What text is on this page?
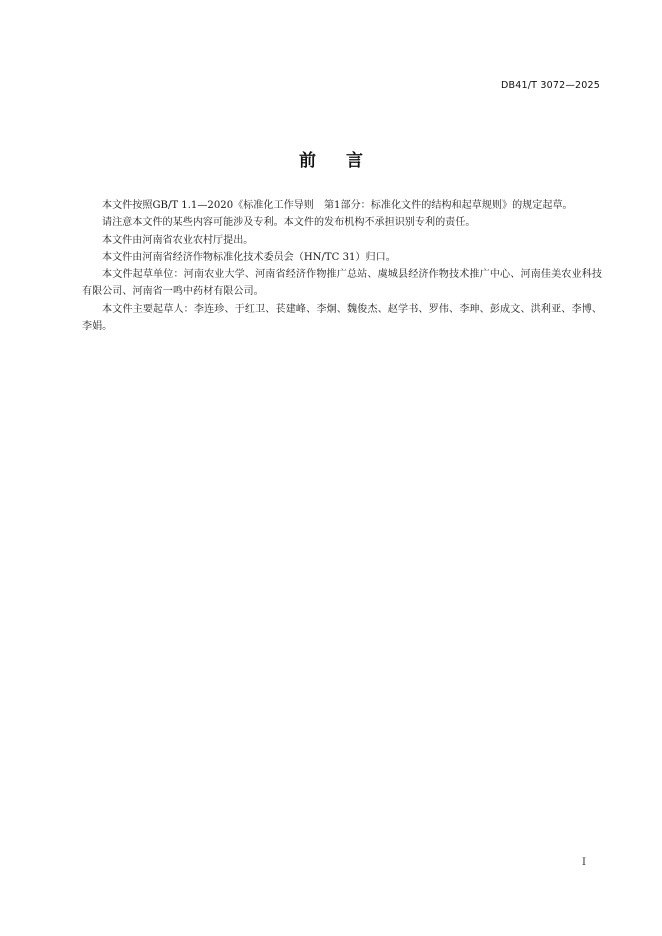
DB41/T 3072—2025
前言

本文件按照GB/T 1.1—2020《标准化工作导则　第1部分：标准化文件的结构和起草规则》的规定起草。

请注意本文件的某些内容可能涉及专利。本文件的发布机构不承担识别专利的责任。

本文件由河南省农业农村厅提出。

本文件由河南省经济作物标准化技术委员会（HN/TC 31）归口。

本文件起草单位：河南农业大学、河南省经济作物推广总站、虞城县经济作物技术推广中心、河南佳美农业科技有限公司、河南省一鸣中药材有限公司。

本文件主要起草人：李连珍、于红卫、苌建峰、李炯、魏俊杰、赵学书、罗伟、李珅、彭成文、洪利亚、李博、李娟。

I
